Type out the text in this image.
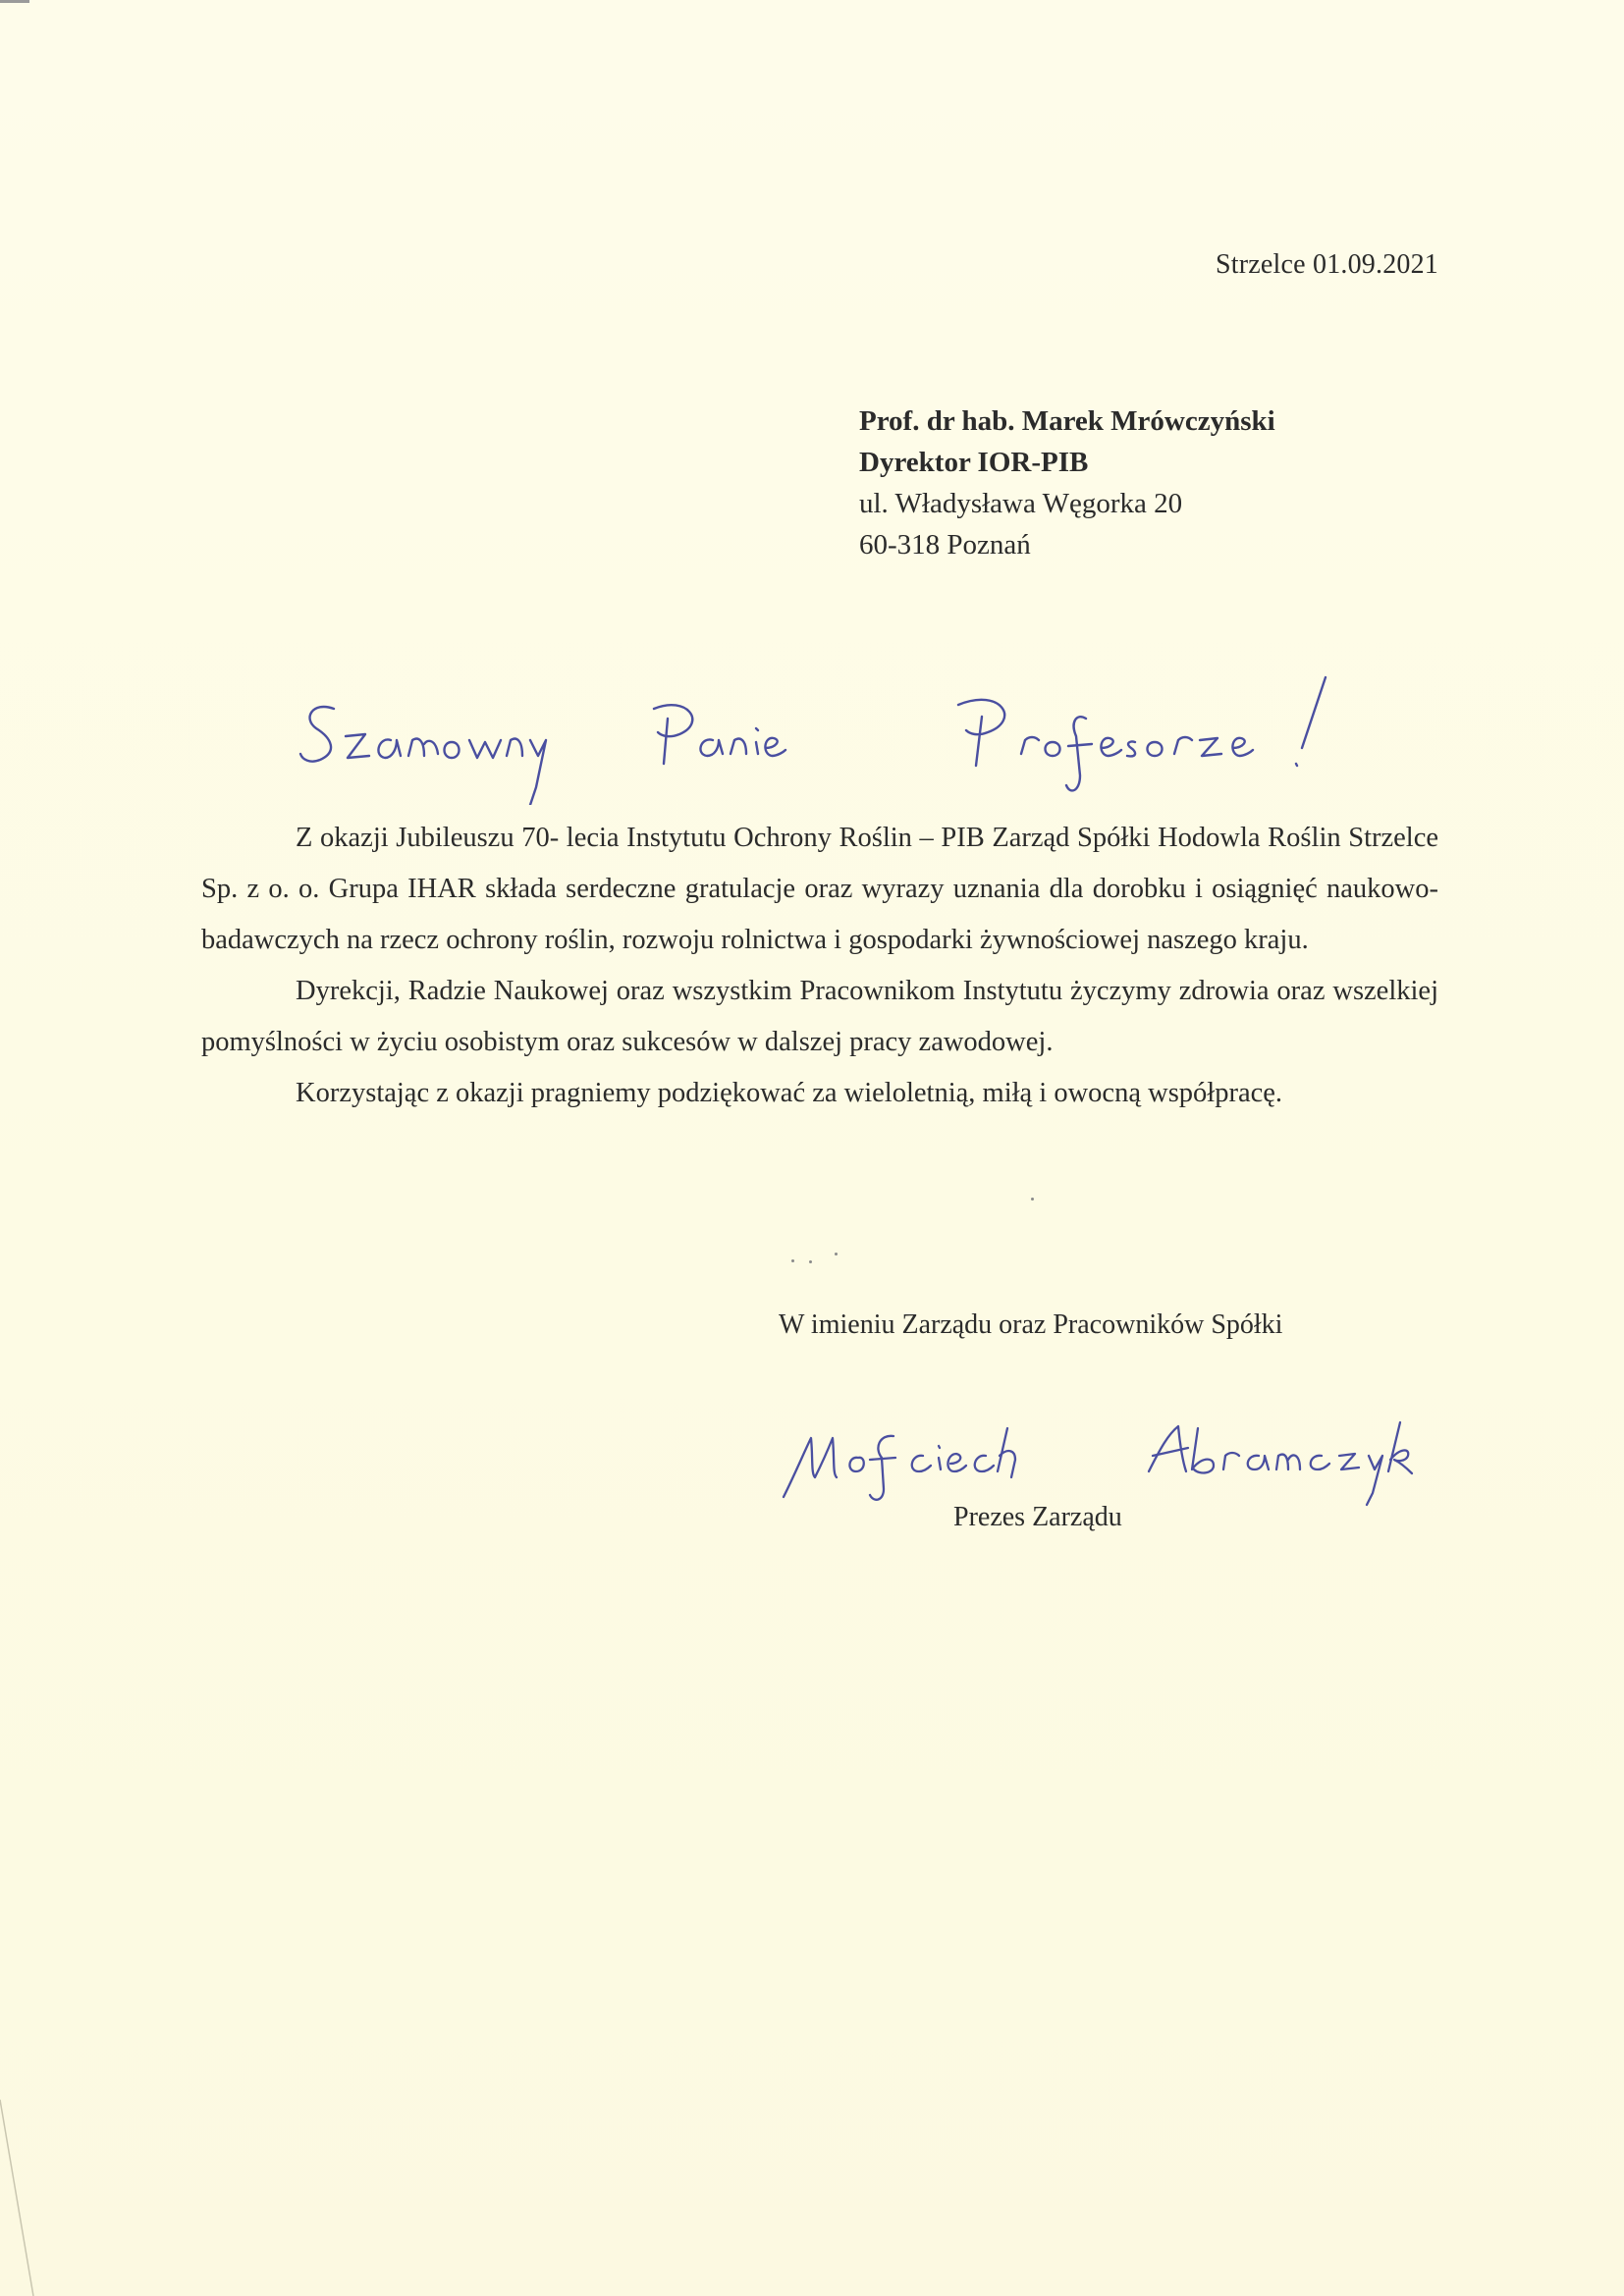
Strzelce 01.09.2021
Prof. dr hab. Marek Mrówczyński
Dyrektor IOR-PIB
ul. Władysława Węgorka 20
60-318 Poznań

Z okazji Jubileuszu 70- lecia Instytutu Ochrony Roślin – PIB Zarząd Spółki Hodowla Roślin Strzelce Sp. z o. o. Grupa IHAR składa serdeczne gratulacje oraz wyrazy uznania dla dorobku i osiągnięć naukowo-badawczych na rzecz ochrony roślin, rozwoju rolnictwa i gospodarki żywnościowej naszego kraju.

Dyrekcji, Radzie Naukowej oraz wszystkim Pracownikom Instytutu życzymy zdrowia oraz wszelkiej pomyślności w życiu osobistym oraz sukcesów w dalszej pracy zawodowej.

Korzystając z okazji pragniemy podziękować za wieloletnią, miłą i owocną współpracę.

W imieniu Zarządu oraz Pracowników Spółki
Prezes Zarządu
